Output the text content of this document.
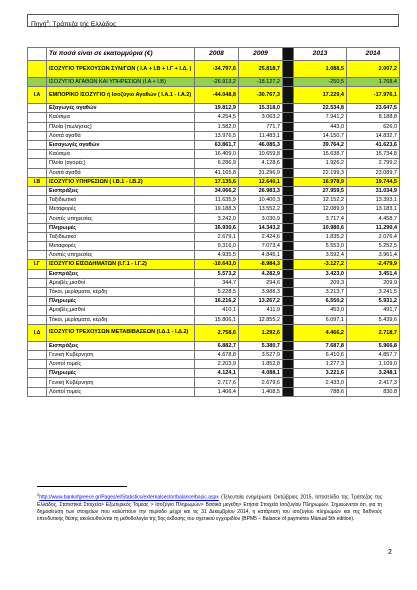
Πηγή$^2$: Τράπεζα της Ελλάδος
	Τα ποσά είναι σε εκατομμύρια (€)	2008	2009		2013	2014
	ΙΣΟΖΥΓΙΟ ΤΡΕΧΟΥΣΩΝ ΣΥΝ/ΓΩΝ ( Ι.Α + Ι.Β + Ι.Γ + Ι.Δ. )	-34.797,6	25.818,7		1.088,5	2.007,2
	ΙΣΟΖΥΓΙΟ ΑΓΑΘΩΝ ΚΑΙ ΥΠΗΡΕΣΙΩΝ (Ι.Α + Ι.Β)	-26.913,2	-18.127,2		-250,5	1.768,4
Ι.Α	ΕΜΠΟΡΙΚΟ ΙΣΟΖΥΓΙΟ ή Ισοζύγιο Αγαθών ( Ι.Α.1 - Ι.Α.2)	-44.048,8	-30.767,3		17.229,4	-17.976,1
	Εξαγωγές αγαθών	19.812,9	15.318,0		22.534,8	23.647,5
	Καύσιμα	4.254,5	3.063,2		7.941,2	8.188,8
	Πλοία (πωλήσεις)	1.582,0	771,7		443,0	626,0
	Λοιπά αγαθά	13.976,5	11.483,1		14.150,7	14.832,7
	Εισαγωγές αγαθών	63.861,7	46.085,3		39.764,2	41.623,6
	Καύσιμα	16.409,0	10.659,8		15.638,7	15.734,8
	Πλοία (αγορές)	6.286,9	4.128,6		1.926,2	2.799,2
	Λοιπά αγαθά	41.165,8	31.296,9		22.199,3	23.089,7
Ι.Β	ΙΣΟΖΥΓΙΟ ΥΠΗΡΕΣΙΩΝ ( Ι.Β.1 - Ι.Β.2)	17.135,6	12.640,1		16.978,9	19.744,5
	Εισπράξεις	34.066,2	26.983,3		27.959,5	31.034,9
	Ταξιδιωτικό	11.635,9	10.400,3		12.152,2	13.393,1
	Μεταφορές	19.188,3	13.552,2		12.089,9	13.183,1
	Λοιπές υπηρεσίες	3.242,0	3.030,9		3.717,4	4.458,7
	Πληρωμές	16.930,6	14.343,2		10.980,6	11.290,4
	Ταξιδιωτικό	2.679,1	2.424,6		1.835,2	2.076,4
	Μεταφορές	9.316,0	7.073,4		5.553,0	5.252,5
	Λοιπές υπηρεσίες	4.935,5	4.845,1		3.592,4	3.961,4
Ι.Γ	ΙΣΟΖΥΓΙΟ ΕΙΣΟΔΗΜΑΤΩΝ (Ι.Γ.1 - Ι.Γ.2)	-10.643,0	-8.984,3		-3.127,2	-2.479,9
	Εισπράξεις	5.573,2	4.282,9		3.423,0	3.451,4
	Αμοιβές,μισθοί	344,7	294,6		209,3	209,9
	Τόκοι, μερίσματα, κέρδη	5.228,5	3.988,3		3.213,7	3.241,5
	Πληρωμές	16.216,2	13.267,2		6.550,2	5.931,2
	Αμοιβές,μισθοί	410,1	411,9		453,0	491,7
	Τόκοι, μερίσματα, κέρδη	15.806,1	12.855,2		6.097,1	5.439,6
Ι.Δ	ΙΣΟΖΥΓΙΟ ΤΡΕΧΟΥΣΩΝ ΜΕΤΑΒΙΒΑΣΕΩΝ (Ι.Δ.1 - Ι.Δ.2)	2.758,6	1.292,6		4.466,2	2.718,7
	Εισπράξεις	6.882,7	5.380,7		7.687,8	5.966,8
	Γενική Κυβέρνηση	4.678,8	3.527,9		6.410,6	4.857,7
	Λοιποί τομείς	2.203,9	1.852,8		1.277,3	1.109,0
	Πληρωμές	4.124,1	4.088,1		3.221,6	3.248,1
	Γενική Κυβέρνηση	2.717,6	2.679,6		2.433,0	2.417,3
	Λοιποί τομείς	1.406,4	1.408,5		788,6	830,8
$^2$http://www.bankofgreece.gr/Pages/el/Statistics/externalsector/balance/basic.aspx (Τελευταία ενημέρωση Οκτώβριος 2015, Ιστοσελίδα της Τράπεζας της Ελλάδος, Στατιστικά Στοιχεία> Εξωτερικός Τομέας > Ισοζύγιο Πληρωμών> Βασικά μεγέθη> Ετήσια Στοιχεία Ισοζυγίου Πληρωμών. Σημειώνεται ότι, για τη δημοσίευση των στοιχείων που καλύπτουν την περίοδο μέχρι και τις 31 Δεκεμβρίου 2014, η κατάρτιση του ισοζυγίου πληρωμών και της διεθνούς επενδυτικής θέσης ακολουθούνται τη μεθοδολογία της 5ης έκδοσης του σχετικού εγχειριδίου (BPM5 – Balance of payments Manual 5th edition).
2
